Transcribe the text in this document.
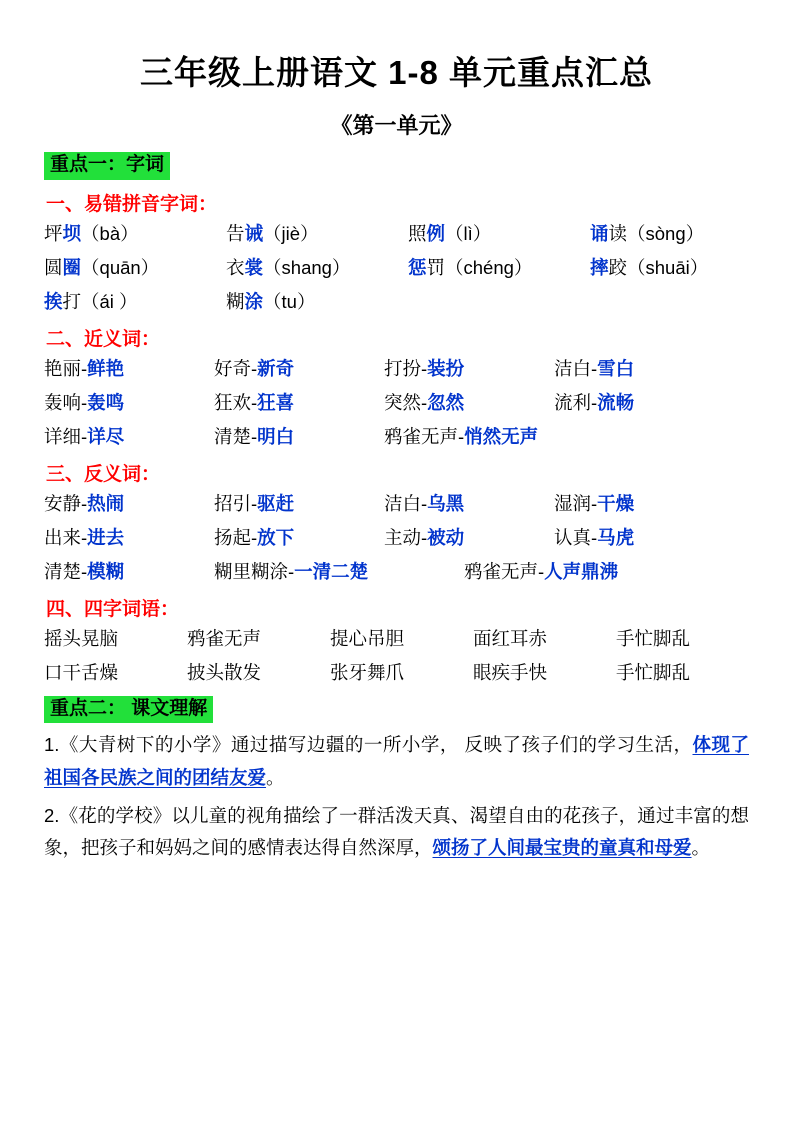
三年级上册语文 1-8 单元重点汇总
《第一单元》
重点一：字词
一、易错拼音字词：
坪坝（bà）	告诫（jiè）	照例（lì）	诵读（sòng）
圆圈（quān）	衣裳（shang）	惩罚（chéng）	摔跤（shuāi）
挨打（ái ）	糊涂（tu）
二、近义词：
艳丽-鲜艳	好奇-新奇	打扮-装扮	洁白-雪白
轰响-轰鸣	狂欢-狂喜	突然-忽然	流利-流畅
详细-详尽	清楚-明白	鸦雀无声-悄然无声
三、反义词：
安静-热闹	招引-驱赶	洁白-乌黑	湿润-干燥
出来-进去	扬起-放下	主动-被动	认真-马虎
清楚-模糊	糊里糊涂-一清二楚	鸦雀无声-人声鼎沸
四、四字词语：
摇头晃脑	鸦雀无声	提心吊胆	面红耳赤	手忙脚乱
口干舌燥	披头散发	张牙舞爪	眼疾手快	手忙脚乱
重点二： 课文理解
1.《大青树下的小学》通过描写边疆的一所小学， 反映了孩子们的学习生活，体现了祖国各民族之间的团结友爱。
2.《花的学校》以儿童的视角描绘了一群活泼天真、渴望自由的花孩子，通过丰富的想象，把孩子和妈妈之间的感情表达得自然深厚，颂扬了人间最宝贵的童真和母爱。
